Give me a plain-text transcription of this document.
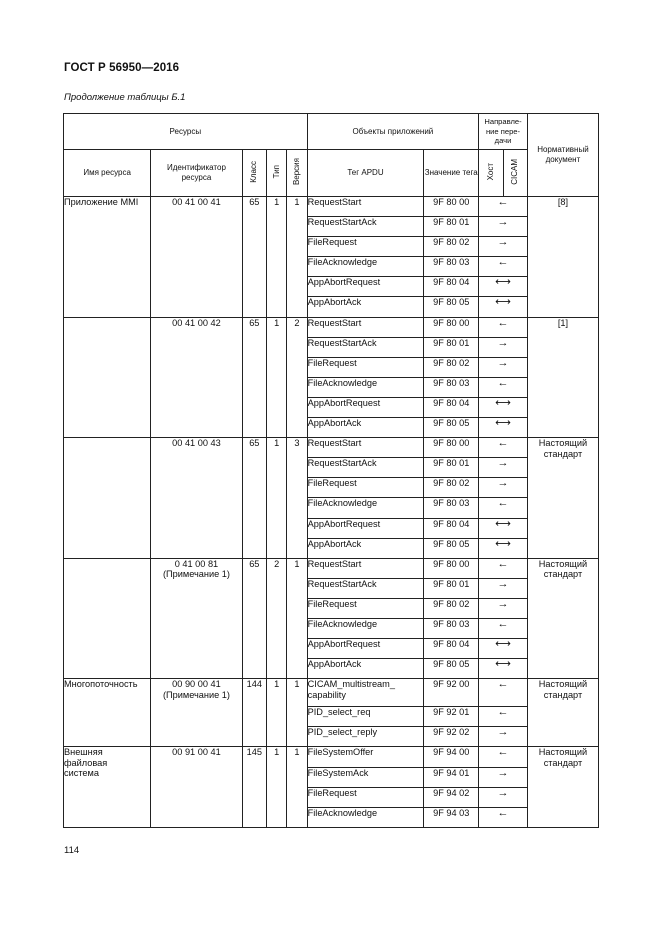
ГОСТ Р 56950—2016
Продолжение таблицы Б.1
Ресурсы					Объекты приложений		Направле-ние пере-дачи		Нормативный документ
Имя ресурса	Идентификатор ресурса	Класс	Тип	Версия	Тег APDU	Значение тега	Хост	CICAM	
Приложение MMI	00 41 00 41	65	1	1	RequestStart	9F 80 00	←		[8]
					RequestStartAck	9F 80 01	→		
					FileRequest	9F 80 02	→		
					FileAcknowledge	9F 80 03	←		
					AppAbortRequest	9F 80 04	⟷		
					AppAbortAck	9F 80 05	⟷		
	00 41 00 42	65	1	2	RequestStart	9F 80 00	←		[1]
					RequestStartAck	9F 80 01	→		
					FileRequest	9F 80 02	→		
					FileAcknowledge	9F 80 03	←		
					AppAbortRequest	9F 80 04	⟷		
					AppAbortAck	9F 80 05	⟷		
	00 41 00 43	65	1	3	RequestStart	9F 80 00	←		Настоящий стандарт
					RequestStartAck	9F 80 01	→		
					FileRequest	9F 80 02	→		
					FileAcknowledge	9F 80 03	←		
					AppAbortRequest	9F 80 04	⟷		
					AppAbortAck	9F 80 05	⟷		
	0 41 00 81
(Примечание 1)	65	2	1	RequestStart	9F 80 00	←		Настоящий стандарт
					RequestStartAck	9F 80 01	→		
					FileRequest	9F 80 02	→		
					FileAcknowledge	9F 80 03	←		
					AppAbortRequest	9F 80 04	⟷		
					AppAbortAck	9F 80 05	⟷		
Многопоточность	00 90 00 41
(Примечание 1)	144	1	1	CICAM_multistream_
capability	9F 92 00	←		Настоящий стандарт
					PID_select_req	9F 92 01	←		
					PID_select_reply	9F 92 02	→		
Внешняя
файловая
система	00 91 00 41	145	1	1	FileSystemOffer	9F 94 00	←		Настоящий стандарт
					FileSystemAck	9F 94 01	→		
					FileRequest	9F 94 02	→		
					FileAcknowledge	9F 94 03	←		
114
